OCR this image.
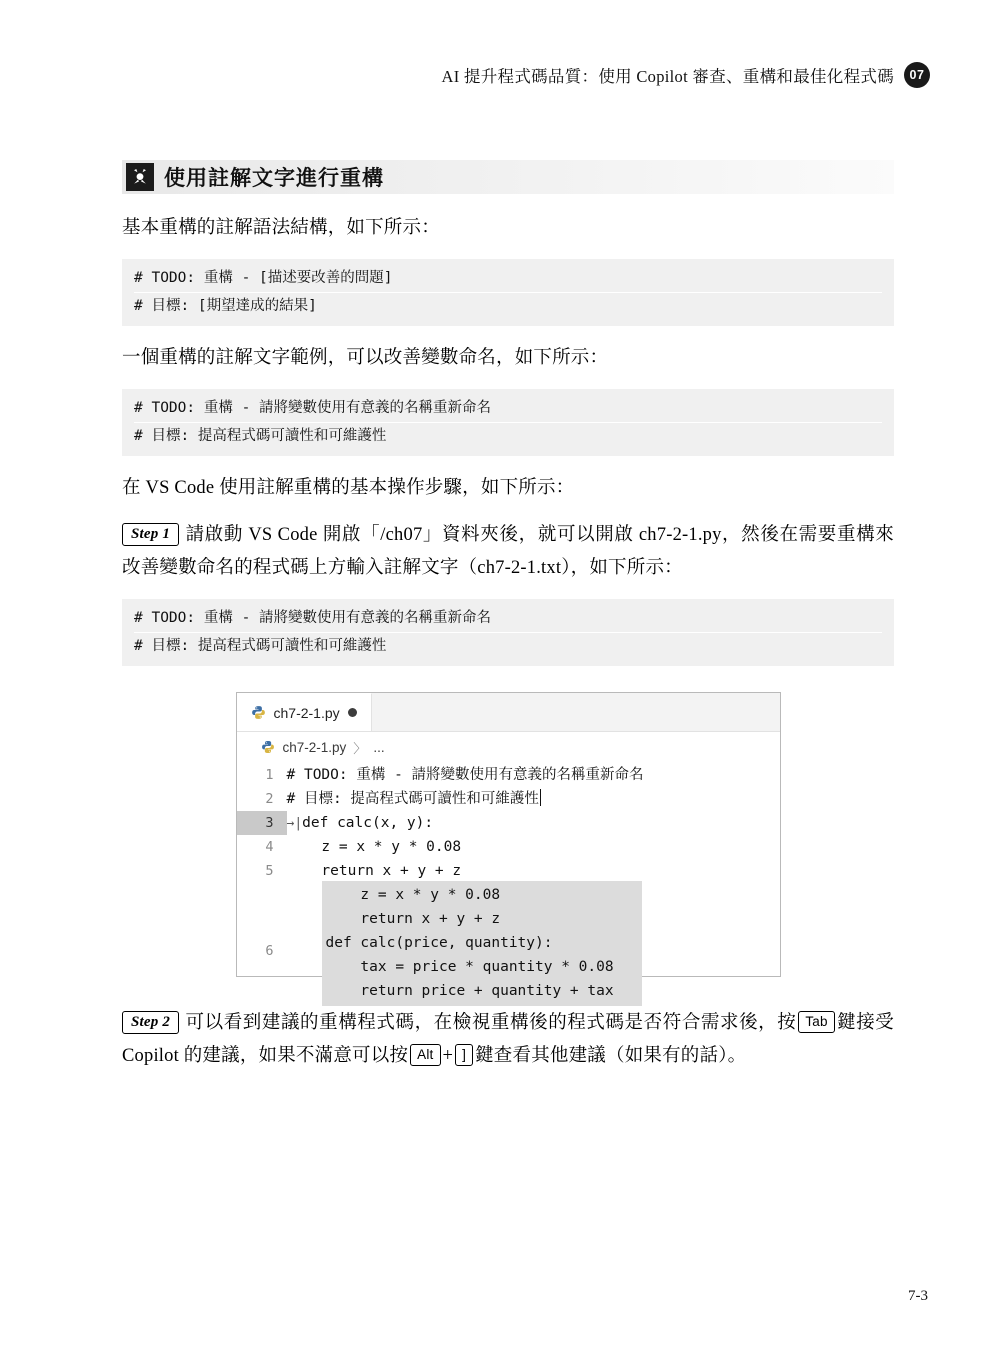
AI 提升程式碼品質：使用 Copilot 審查、重構和最佳化程式碼	07
使用註解文字進行重構

基本重構的註解語法結構，如下所示：

# TODO: 重構 - [描述要改善的問題]
# 目標: [期望達成的結果]

一個重構的註解文字範例，可以改善變數命名，如下所示：

# TODO: 重構 - 請將變數使用有意義的名稱重新命名
# 目標: 提高程式碼可讀性和可維護性

在 VS Code 使用註解重構的基本操作步驟，如下所示：

Step 1 請啟動 VS Code 開啟「/ch07」資料夾後，就可以開啟 ch7-2-1.py，然後在需要重構來改善變數命名的程式碼上方輸入註解文字（ch7-2-1.txt），如下所示：

# TODO: 重構 - 請將變數使用有意義的名稱重新命名
# 目標: 提高程式碼可讀性和可維護性
ch7-2-1.py
ch7-2-1.py 〉 ...
1 # TODO: 重構 - 請將變數使用有意義的名稱重新命名
2 # 目標: 提高程式碼可讀性和可維護性
3	→|def calc(x, y):
4 z = x * y * 0.08
5 return x + y + z
6
z = x * y * 0.08
return x + y + z
def calc(price, quantity):
tax = price * quantity * 0.08
return price + quantity + tax

Step 2 可以看到建議的重構程式碼，在檢視重構後的程式碼是否符合需求後，按 Tab 鍵接受 Copilot 的建議，如果不滿意可以按 Alt + ] 鍵查看其他建議（如果有的話）。

7-3
